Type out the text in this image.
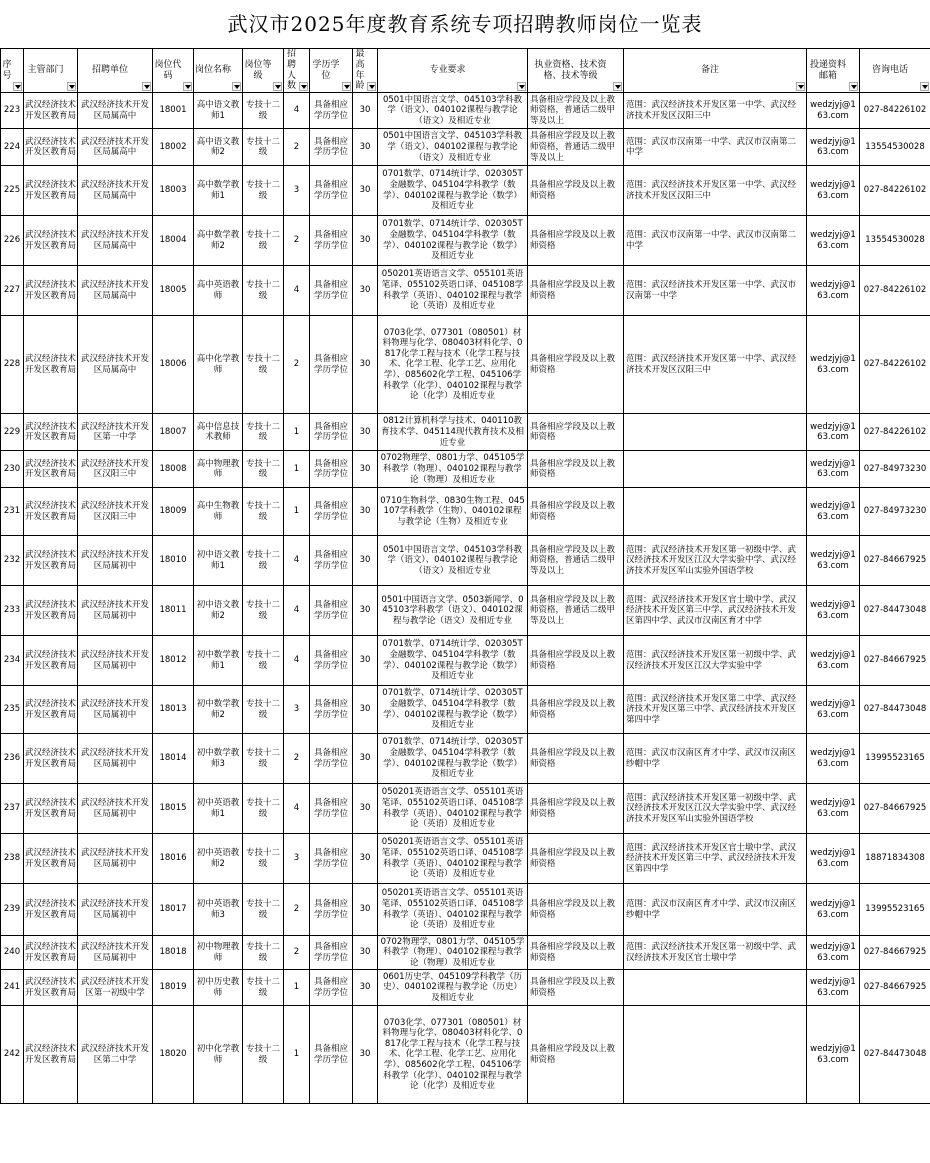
武汉市2025年度教育系统专项招聘教师岗位一览表
序号	主管部门	招聘单位	岗位代码	岗位名称	岗位等级	招聘人数	学历学位	最高年龄	专业要求	执业资格、技术资格、技术等级	备注	投递资料邮箱	咨询电话

223	武汉经济技术开发区教育局	武汉经济技术开发区局属高中	18001	高中语文教师1	专技十二级	4	具备相应学历学位	30	0501中国语言文学、045103学科教学（语文）、040102课程与教学论（语文）及相近专业	具备相应学段及以上教师资格，普通话二级甲等及以上	范围：武汉经济技术开发区第一中学、武汉经济技术开发区汉阳三中	wedzjyj@163.com	027-84226102
224	武汉经济技术开发区教育局	武汉经济技术开发区局属高中	18002	高中语文教师2	专技十二级	2	具备相应学历学位	30	0501中国语言文学、045103学科教学（语文）、040102课程与教学论（语文）及相近专业	具备相应学段及以上教师资格，普通话二级甲等及以上	范围：武汉市汉南第一中学、武汉市汉南第二中学	wedzjyj@163.com	13554530028
225	武汉经济技术开发区教育局	武汉经济技术开发区局属高中	18003	高中数学教师1	专技十二级	3	具备相应学历学位	30	0701数学、0714统计学、020305T金融数学、045104学科教学（数学）、040102课程与教学论（数学）及相近专业	具备相应学段及以上教师资格	范围：武汉经济技术开发区第一中学、武汉经济技术开发区汉阳三中	wedzjyj@163.com	027-84226102
226	武汉经济技术开发区教育局	武汉经济技术开发区局属高中	18004	高中数学教师2	专技十二级	2	具备相应学历学位	30	0701数学、0714统计学、020305T金融数学、045104学科教学（数学）、040102课程与教学论（数学）及相近专业	具备相应学段及以上教师资格	范围：武汉市汉南第一中学、武汉市汉南第二中学	wedzjyj@163.com	13554530028
227	武汉经济技术开发区教育局	武汉经济技术开发区局属高中	18005	高中英语教师	专技十二级	4	具备相应学历学位	30	050201英语语言文学、055101英语笔译、055102英语口译、045108学科教学（英语）、040102课程与教学论（英语）及相近专业	具备相应学段及以上教师资格	范围：武汉经济技术开发区第一中学、武汉市汉南第一中学	wedzjyj@163.com	027-84226102
228	武汉经济技术开发区教育局	武汉经济技术开发区局属高中	18006	高中化学教师	专技十二级	2	具备相应学历学位	30	0703化学、077301（080501）材料物理与化学、080403材料化学、0817化学工程与技术（化学工程与技术、化学工程、化学工艺、应用化学）、085602化学工程、045106学科教学（化学）、040102课程与教学论（化学）及相近专业	具备相应学段及以上教师资格	范围：武汉经济技术开发区第一中学、武汉经济技术开发区汉阳三中	wedzjyj@163.com	027-84226102
229	武汉经济技术开发区教育局	武汉经济技术开发区第一中学	18007	高中信息技术教师	专技十二级	1	具备相应学历学位	30	0812计算机科学与技术、040110教育技术学、045114现代教育技术及相近专业	具备相应学段及以上教师资格		wedzjyj@163.com	027-84226102
230	武汉经济技术开发区教育局	武汉经济技术开发区汉阳三中	18008	高中物理教师	专技十二级	1	具备相应学历学位	30	0702物理学、0801力学、045105学科教学（物理）、040102课程与教学论（物理）及相近专业	具备相应学段及以上教师资格		wedzjyj@163.com	027-84973230
231	武汉经济技术开发区教育局	武汉经济技术开发区汉阳三中	18009	高中生物教师	专技十二级	1	具备相应学历学位	30	0710生物科学、0830生物工程、045107学科教学（生物）、040102课程与教学论（生物）及相近专业	具备相应学段及以上教师资格		wedzjyj@163.com	027-84973230
232	武汉经济技术开发区教育局	武汉经济技术开发区局属初中	18010	初中语文教师1	专技十二级	4	具备相应学历学位	30	0501中国语言文学、045103学科教学（语文）、040102课程与教学论（语文）及相近专业	具备相应学段及以上教师资格，普通话二级甲等及以上	范围：武汉经济技术开发区第一初级中学、武汉经济技术开发区江汉大学实验中学、武汉经济技术开发区军山实验外国语学校	wedzjyj@163.com	027-84667925
233	武汉经济技术开发区教育局	武汉经济技术开发区局属初中	18011	初中语文教师2	专技十二级	4	具备相应学历学位	30	0501中国语言文学、0503新闻学、045103学科教学（语文）、040102课程与教学论（语文）及相近专业	具备相应学段及以上教师资格，普通话二级甲等及以上	范围：武汉经济技术开发区官士墩中学、武汉经济技术开发区第三中学、武汉经济技术开发区第四中学、武汉市汉南区育才中学	wedzjyj@163.com	027-84473048
234	武汉经济技术开发区教育局	武汉经济技术开发区局属初中	18012	初中数学教师1	专技十二级	4	具备相应学历学位	30	0701数学、0714统计学、020305T金融数学、045104学科教学（数学）、040102课程与教学论（数学）及相近专业	具备相应学段及以上教师资格	范围：武汉经济技术开发区第一初级中学、武汉经济技术开发区江汉大学实验中学	wedzjyj@163.com	027-84667925
235	武汉经济技术开发区教育局	武汉经济技术开发区局属初中	18013	初中数学教师2	专技十二级	3	具备相应学历学位	30	0701数学、0714统计学、020305T金融数学、045104学科教学（数学）、040102课程与教学论（数学）及相近专业	具备相应学段及以上教师资格	范围：武汉经济技术开发区第二中学、武汉经济技术开发区第三中学、武汉经济技术开发区第四中学	wedzjyj@163.com	027-84473048
236	武汉经济技术开发区教育局	武汉经济技术开发区局属初中	18014	初中数学教师3	专技十二级	2	具备相应学历学位	30	0701数学、0714统计学、020305T金融数学、045104学科教学（数学）、040102课程与教学论（数学）及相近专业	具备相应学段及以上教师资格	范围：武汉市汉南区育才中学、武汉市汉南区纱帽中学	wedzjyj@163.com	13995523165
237	武汉经济技术开发区教育局	武汉经济技术开发区局属初中	18015	初中英语教师1	专技十二级	4	具备相应学历学位	30	050201英语语言文学、055101英语笔译、055102英语口译、045108学科教学（英语）、040102课程与教学论（英语）及相近专业	具备相应学段及以上教师资格	范围：武汉经济技术开发区第一初级中学、武汉经济技术开发区江汉大学实验中学、武汉经济技术开发区军山实验外国语学校	wedzjyj@163.com	027-84667925
238	武汉经济技术开发区教育局	武汉经济技术开发区局属初中	18016	初中英语教师2	专技十二级	3	具备相应学历学位	30	050201英语语言文学、055101英语笔译、055102英语口译、045108学科教学（英语）、040102课程与教学论（英语）及相近专业	具备相应学段及以上教师资格	范围：武汉经济技术开发区官士墩中学、武汉经济技术开发区第三中学、武汉经济技术开发区第四中学	wedzjyj@163.com	18871834308
239	武汉经济技术开发区教育局	武汉经济技术开发区局属初中	18017	初中英语教师3	专技十二级	2	具备相应学历学位	30	050201英语语言文学、055101英语笔译、055102英语口译、045108学科教学（英语）、040102课程与教学论（英语）及相近专业	具备相应学段及以上教师资格	范围：武汉市汉南区育才中学、武汉市汉南区纱帽中学	wedzjyj@163.com	13995523165
240	武汉经济技术开发区教育局	武汉经济技术开发区局属初中	18018	初中物理教师	专技十二级	2	具备相应学历学位	30	0702物理学、0801力学、045105学科教学（物理）、040102课程与教学论（物理）及相近专业	具备相应学段及以上教师资格	范围：武汉经济技术开发区第一初级中学、武汉经济技术开发区官士墩中学	wedzjyj@163.com	027-84667925
241	武汉经济技术开发区教育局	武汉经济技术开发区第一初级中学	18019	初中历史教师	专技十二级	1	具备相应学历学位	30	0601历史学、045109学科教学（历史）、040102课程与教学论（历史）及相近专业	具备相应学段及以上教师资格		wedzjyj@163.com	027-84667925
242	武汉经济技术开发区教育局	武汉经济技术开发区第二中学	18020	初中化学教师	专技十二级	1	具备相应学历学位	30	0703化学、077301（080501）材料物理与化学、080403材料化学、0817化学工程与技术（化学工程与技术、化学工程、化学工艺、应用化学）、085602化学工程、045106学科教学（化学）、040102课程与教学论（化学）及相近专业	具备相应学段及以上教师资格		wedzjyj@163.com	027-84473048
